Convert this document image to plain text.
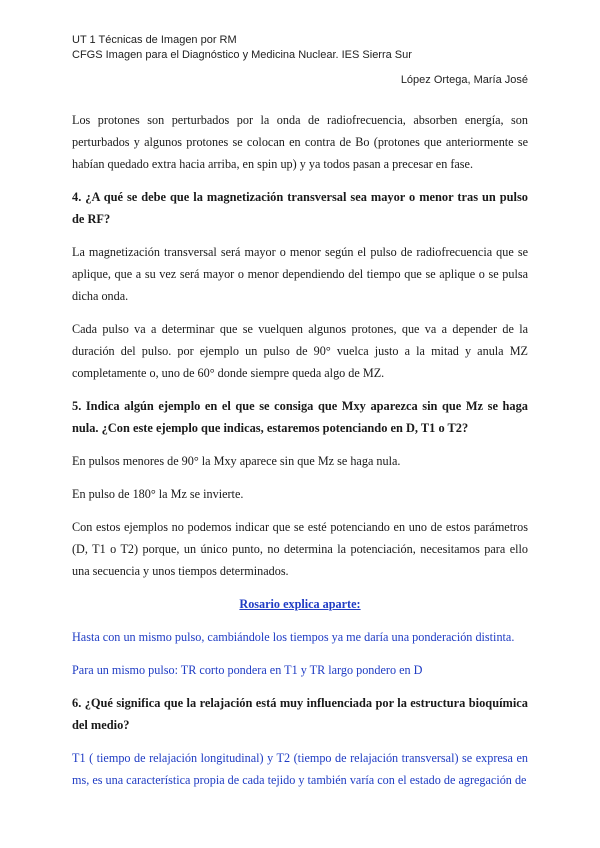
UT 1 Técnicas de Imagen por RM
CFGS Imagen para el Diagnóstico y Medicina Nuclear. IES Sierra Sur
López Ortega, María José

Los protones son perturbados por la onda de radiofrecuencia, absorben energía, son perturbados y algunos protones se colocan en contra de Bo (protones que anteriormente se habían quedado extra hacia arriba, en spin up) y ya todos pasan a precesar en fase.

4. ¿A qué se debe que la magnetización transversal sea mayor o menor tras un pulso de RF?

La magnetización transversal será mayor o menor según el pulso de radiofrecuencia que se aplique, que a su vez será mayor o menor dependiendo del tiempo que se aplique o se pulsa dicha onda.

Cada pulso va a determinar que se vuelquen algunos protones, que va a depender de la duración del pulso. por ejemplo un pulso de 90° vuelca justo a la mitad y anula MZ completamente o, uno de 60° donde siempre queda algo de MZ.

5. Indica algún ejemplo en el que se consiga que Mxy aparezca sin que Mz se haga nula. ¿Con este ejemplo que indicas, estaremos potenciando en D, T1 o T2?

En pulsos menores de 90° la Mxy aparece sin que Mz se haga nula.

En pulso de 180° la Mz se invierte.

Con estos ejemplos no podemos indicar que se esté potenciando en uno de estos parámetros (D, T1 o T2) porque, un único punto, no determina la potenciación, necesitamos para ello una secuencia y unos tiempos determinados.

Rosario explica aparte:

Hasta con un mismo pulso, cambiándole los tiempos ya me daría una ponderación distinta.

Para un mismo pulso: TR corto pondera en T1 y TR largo pondero en D

6. ¿Qué significa que la relajación está muy influenciada por la estructura bioquímica del medio?

T1 ( tiempo de relajación longitudinal) y T2 (tiempo de relajación transversal) se expresa en ms, es una característica propia de cada tejido y también varía con el estado de agregación de
